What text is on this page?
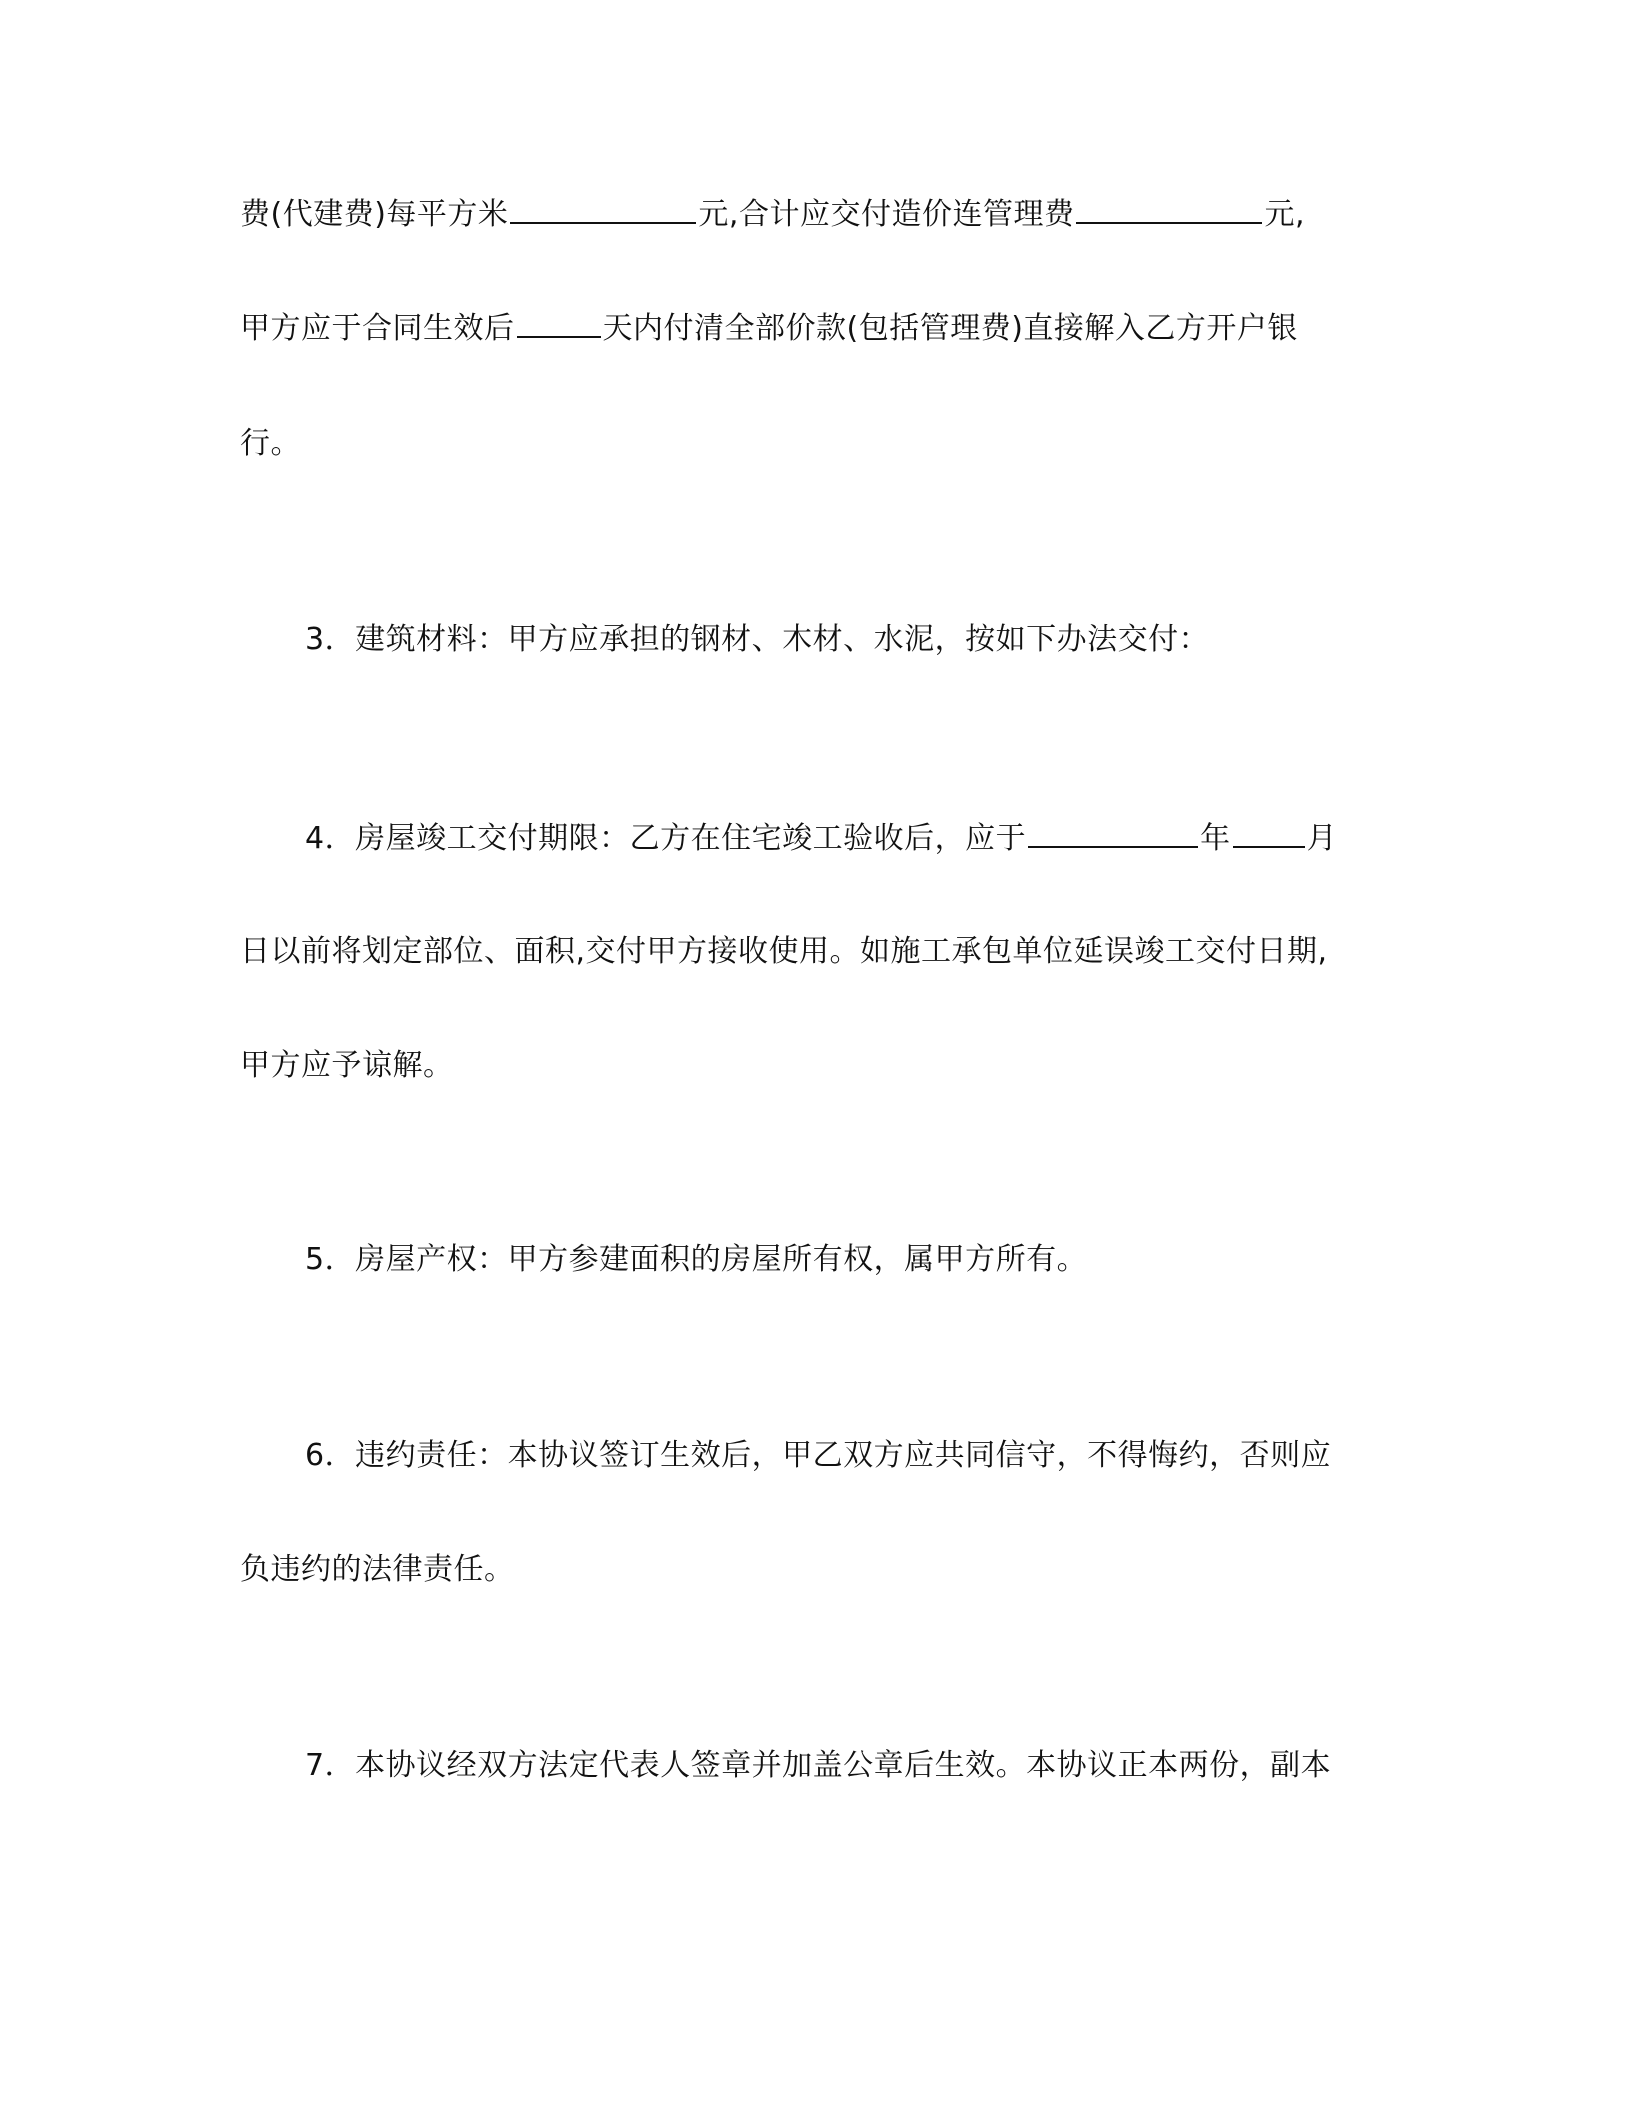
费(代建费)每平方米	元,合计应交付造价连管理费	元,
甲方应于合同生效后	天内付清全部价款(包括管理费)直接解入乙方开户银
行。
3．建筑材料：甲方应承担的钢材、木材、水泥，按如下办法交付：
4．房屋竣工交付期限：乙方在住宅竣工验收后，应于	年	月
日以前将划定部位、面积,交付甲方接收使用。如施工承包单位延误竣工交付日期,
甲方应予谅解。
5．房屋产权：甲方参建面积的房屋所有权，属甲方所有。
6．违约责任：本协议签订生效后，甲乙双方应共同信守，不得悔约，否则应
负违约的法律责任。
7．本协议经双方法定代表人签章并加盖公章后生效。本协议正本两份，副本
